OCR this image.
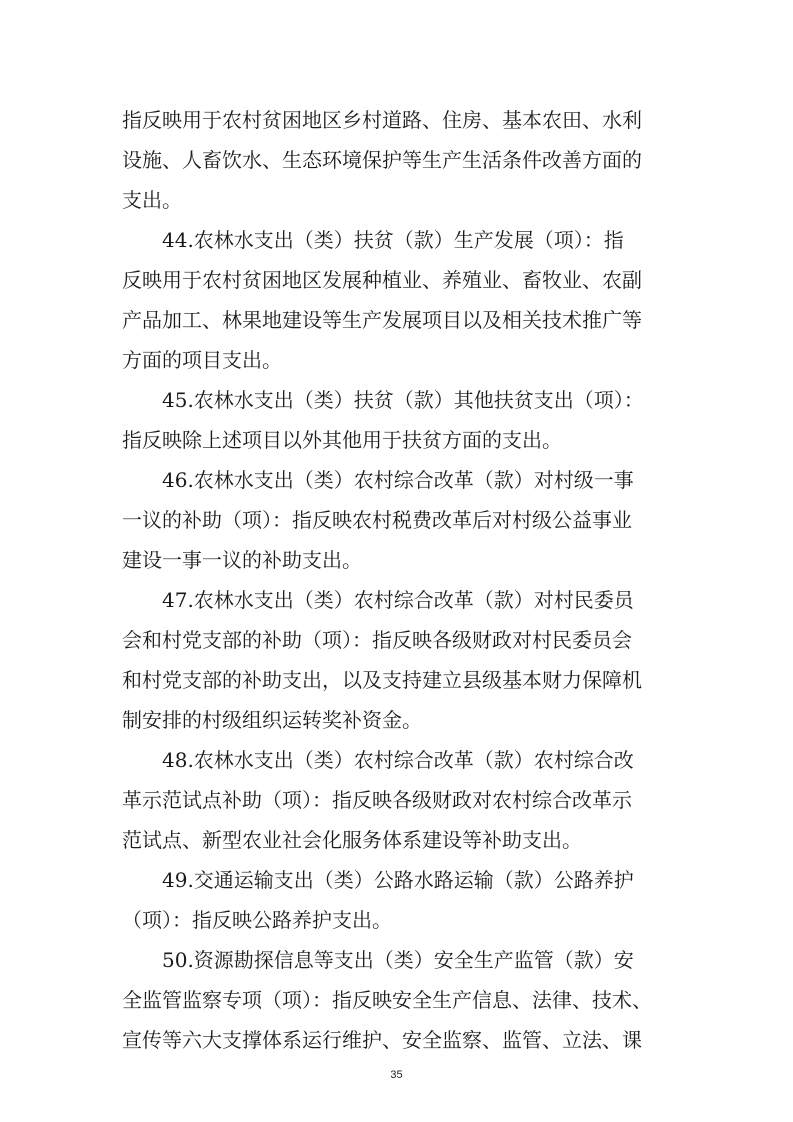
指反映用于农村贫困地区乡村道路、住房、基本农田、水利
设施、人畜饮水、生态环境保护等生产生活条件改善方面的
支出。
44.农林水支出（类）扶贫（款）生产发展（项）：指
反映用于农村贫困地区发展种植业、养殖业、畜牧业、农副
产品加工、林果地建设等生产发展项目以及相关技术推广等
方面的项目支出。
45.农林水支出（类）扶贫（款）其他扶贫支出（项）：
指反映除上述项目以外其他用于扶贫方面的支出。
46.农林水支出（类）农村综合改革（款）对村级一事
一议的补助（项）：指反映农村税费改革后对村级公益事业
建设一事一议的补助支出。
47.农林水支出（类）农村综合改革（款）对村民委员
会和村党支部的补助（项）：指反映各级财政对村民委员会
和村党支部的补助支出，以及支持建立县级基本财力保障机
制安排的村级组织运转奖补资金。
48.农林水支出（类）农村综合改革（款）农村综合改
革示范试点补助（项）：指反映各级财政对农村综合改革示
范试点、新型农业社会化服务体系建设等补助支出。
49.交通运输支出（类）公路水路运输（款）公路养护
（项）：指反映公路养护支出。
50.资源勘探信息等支出（类）安全生产监管（款）安
全监管监察专项（项）：指反映安全生产信息、法律、技术、
宣传等六大支撑体系运行维护、安全监察、监管、立法、课
35
